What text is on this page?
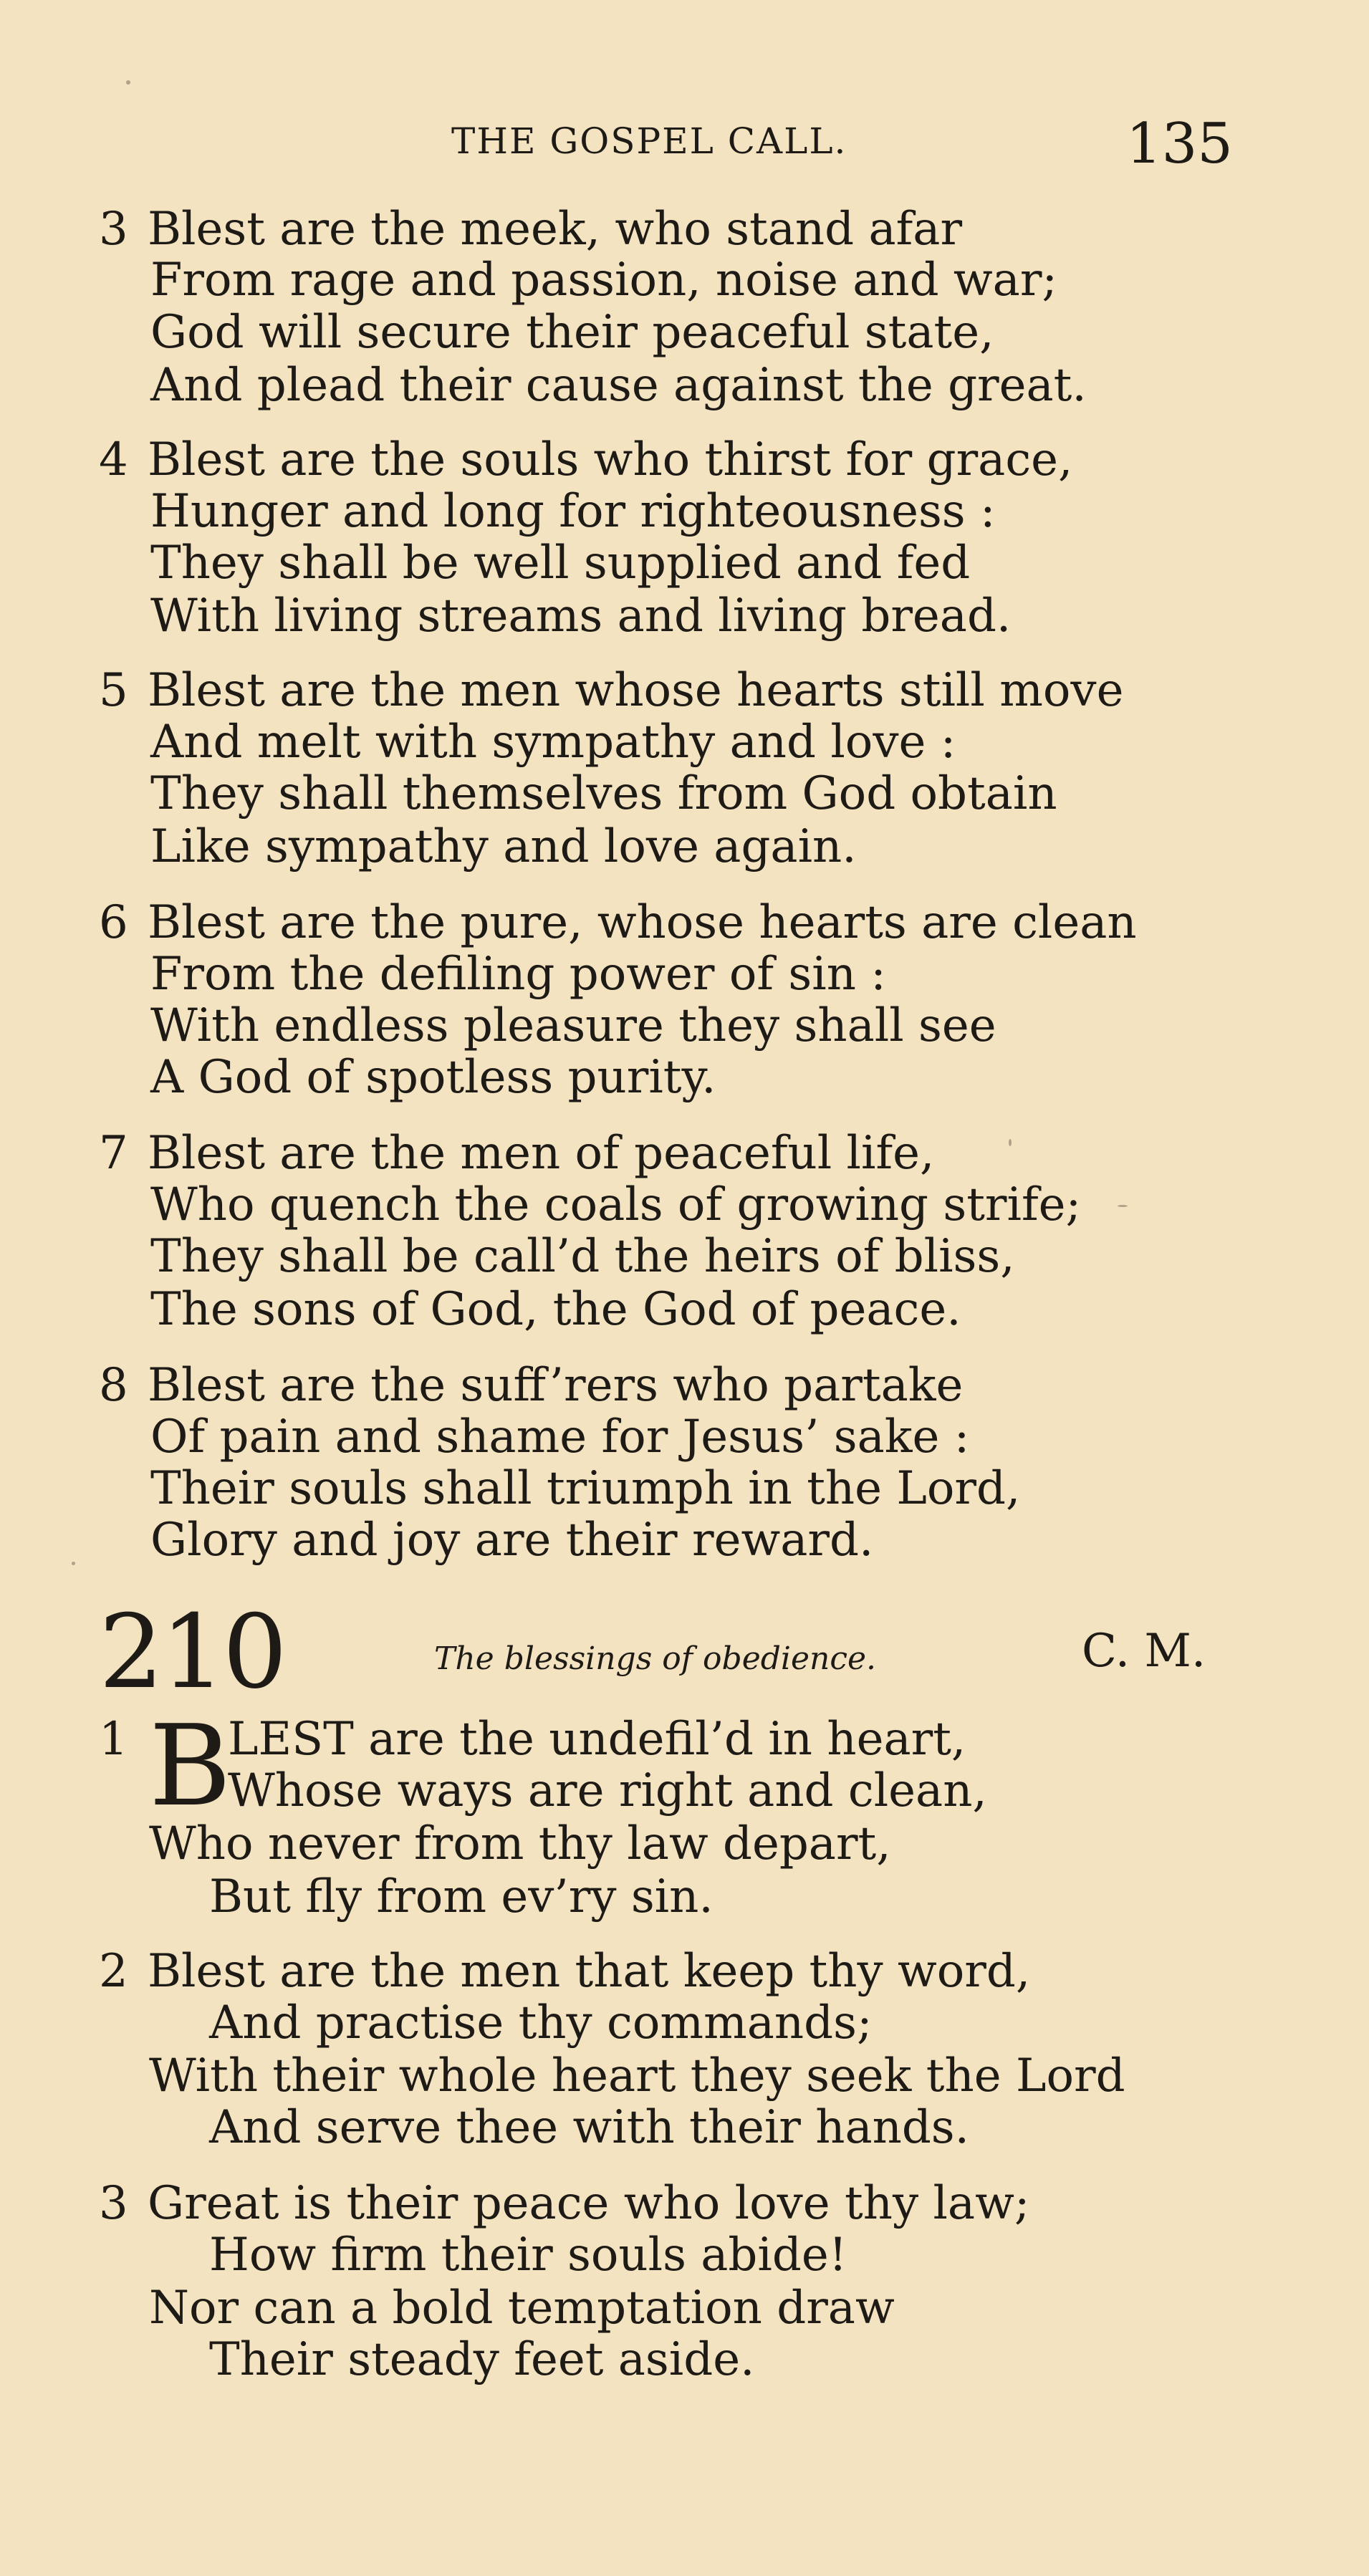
THE GOSPEL CALL.	135
3 Blest are the meek, who stand afar
From rage and passion, noise and war;
God will secure their peaceful state,
And plead their cause against the great.
4 Blest are the souls who thirst for grace,
Hunger and long for righteousness :
They shall be well supplied and fed
With living streams and living bread.
5 Blest are the men whose hearts still move
And melt with sympathy and love :
They shall themselves from God obtain
Like sympathy and love again.
6 Blest are the pure, whose hearts are clean
From the defiling power of sin :
With endless pleasure they shall see
A God of spotless purity.
7 Blest are the men of peaceful life,
Who quench the coals of growing strife;
They shall be call’d the heirs of bliss,
The sons of God, the God of peace.
8 Blest are the suff’rers who partake
Of pain and shame for Jesus’ sake :
Their souls shall triumph in the Lord,
Glory and joy are their reward.
210	The blessings of obedience.	C. M.
1 B
LEST are the undefil’d in heart,
Whose ways are right and clean,
Who never from thy law depart,
But fly from ev’ry sin.
2 Blest are the men that keep thy word,
And practise thy commands;
With their whole heart they seek the Lord
And serve thee with their hands.
3 Great is their peace who love thy law;
How firm their souls abide!
Nor can a bold temptation draw
Their steady feet aside.
